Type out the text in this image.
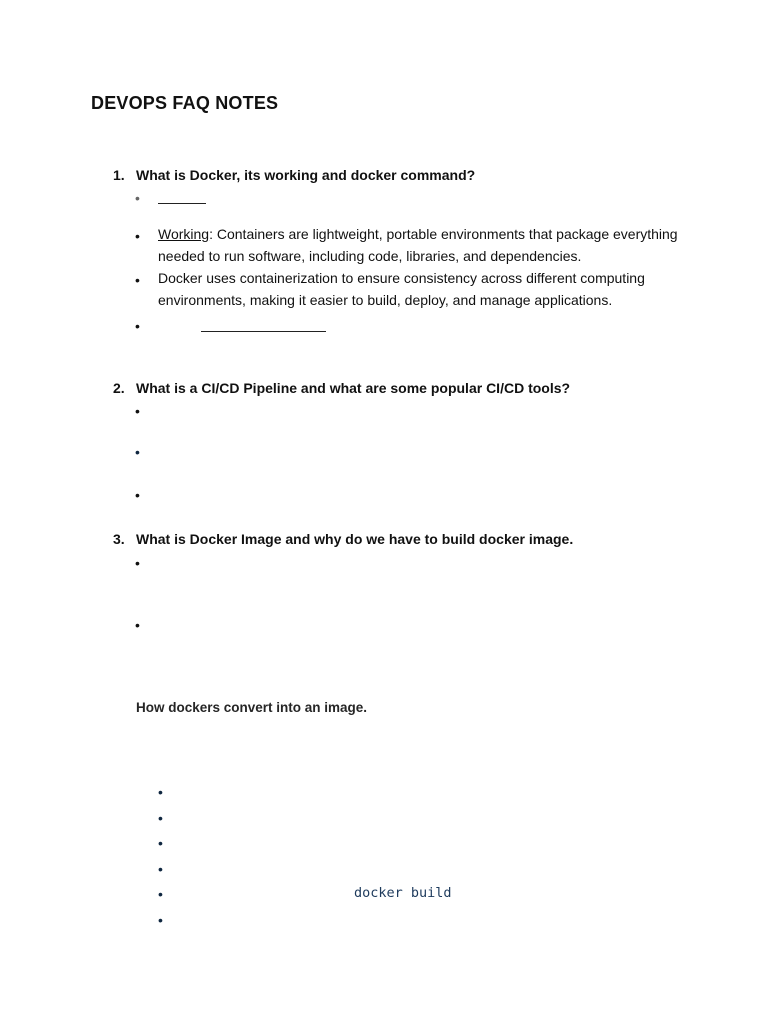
DEVOPS FAQ NOTES
1. What is Docker, its working and docker command?
•
• Working: Containers are lightweight, portable environments that package everything needed to run software, including code, libraries, and dependencies.
• Docker uses containerization to ensure consistency across different computing environments, making it easier to build, deploy, and manage applications.
•
2. What is a CI/CD Pipeline and what are some popular CI/CD tools?
•
•
•
3. What is Docker Image and why do we have to build docker image.
•
•
How dockers convert into an image.
•
•
•
•
•	docker build
•
